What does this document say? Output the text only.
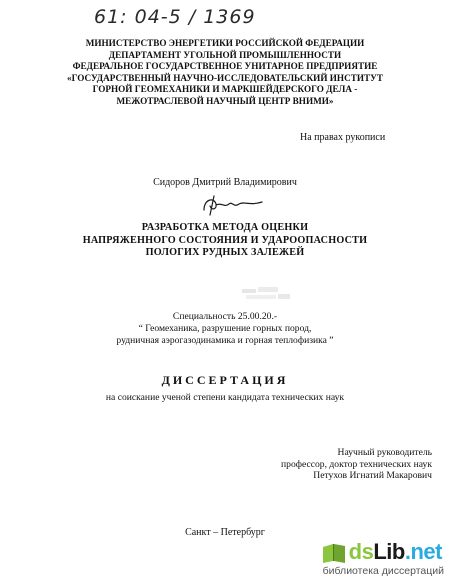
61: 04-5 / 1369
МИНИСТЕРСТВО ЭНЕРГЕТИКИ РОССИЙСКОЙ ФЕДЕРАЦИИ
ДЕПАРТАМЕНТ УГОЛЬНОЙ ПРОМЫШЛЕННОСТИ
ФЕДЕРАЛЬНОЕ ГОСУДАРСТВЕННОЕ УНИТАРНОЕ ПРЕДПРИЯТИЕ
«ГОСУДАРСТВЕННЫЙ НАУЧНО-ИССЛЕДОВАТЕЛЬСКИЙ ИНСТИТУТ
ГОРНОЙ ГЕОМЕХАНИКИ И МАРКШЕЙДЕРСКОГО ДЕЛА -
МЕЖОТРАСЛЕВОЙ НАУЧНЫЙ ЦЕНТР ВНИМИ»
На правах рукописи
Сидоров Дмитрий Владимирович
РАЗРАБОТКА МЕТОДА ОЦЕНКИ
НАПРЯЖЕННОГО СОСТОЯНИЯ И УДАРООПАСНОСТИ
ПОЛОГИХ РУДНЫХ ЗАЛЕЖЕЙ
Специальность 25.00.20.-
“ Геомеханика, разрушение горных пород,
рудничная аэрогазодинамика и горная теплофизика ”
ДИССЕРТАЦИЯ
на соискание ученой степени кандидата технических наук
Научный руководитель
профессор, доктор технических наук
Петухов Игнатий Макарович
Санкт – Петербург
dsLib.net
библиотека диссертаций
